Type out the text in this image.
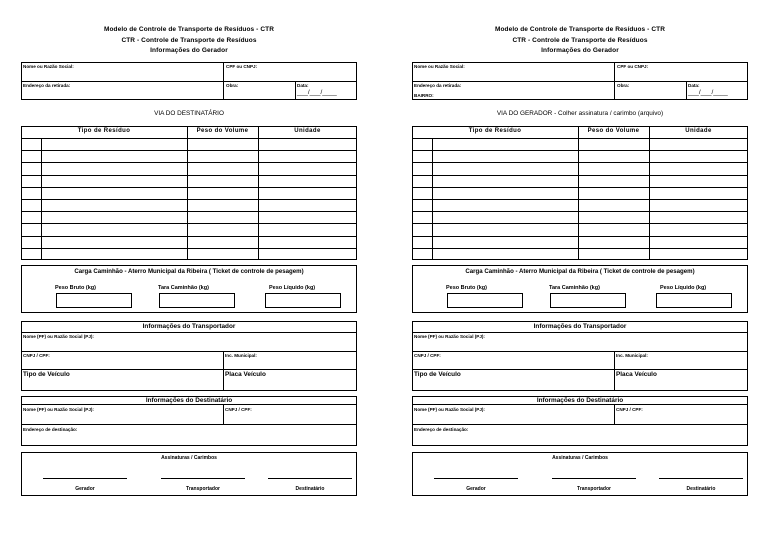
Modelo de Controle de Transporte de Resíduos - CTR
CTR - Controle de Transporte de Resíduos
Informações do Gerador
Nome ou Razão Social:	CPF ou CNPJ:
Endereço da retirada:	Obra:	Data:
___/___/____
VIA DO DESTINATÁRIO
Tipo de Resíduo	Peso do Volume	Unidade
Carga Caminhão - Aterro Municipal da Ribeira ( Ticket de controle de pesagem)
Peso Bruto (kg)	Tara Caminhão (kg)	Peso Líquido (kg)
Informações do Transportador
Nome (PF) ou Razão Social (PJ):
CNPJ / CPF:	Inc. Municipal:
Tipo de Veículo	Placa Veículo
Informações do Destinatário
Nome (PF) ou Razão Social (PJ):	CNPJ / CPF:
Endereço de destinação:
Assinaturas / Carimbos
Gerador	Transportador	Destinatário
Modelo de Controle de Transporte de Resíduos - CTR
CTR - Controle de Transporte de Resíduos
Informações do Gerador
Nome ou Razão Social:	CPF ou CNPJ:
Endereço da retirada:
BAIRRO:
Obra:	Data:
___/___/____
VIA DO GERADOR - Colher assinatura / carimbo (arquivo)
Tipo de Resíduo	Peso do Volume	Unidade
Carga Caminhão - Aterro Municipal da Ribeira ( Ticket de controle de pesagem)
Peso Bruto (kg)	Tara Caminhão (kg)	Peso Líquido (kg)
Informações do Transportador
Nome (PF) ou Razão Social (PJ):
CNPJ / CPF:	Inc. Municipal:
Tipo de Veículo	Placa Veículo
Informações do Destinatário
Nome (PF) ou Razão Social (PJ):	CNPJ / CPF:
Endereço de destinação:
Assinaturas / Carimbos
Gerador	Transportador	Destinatário
